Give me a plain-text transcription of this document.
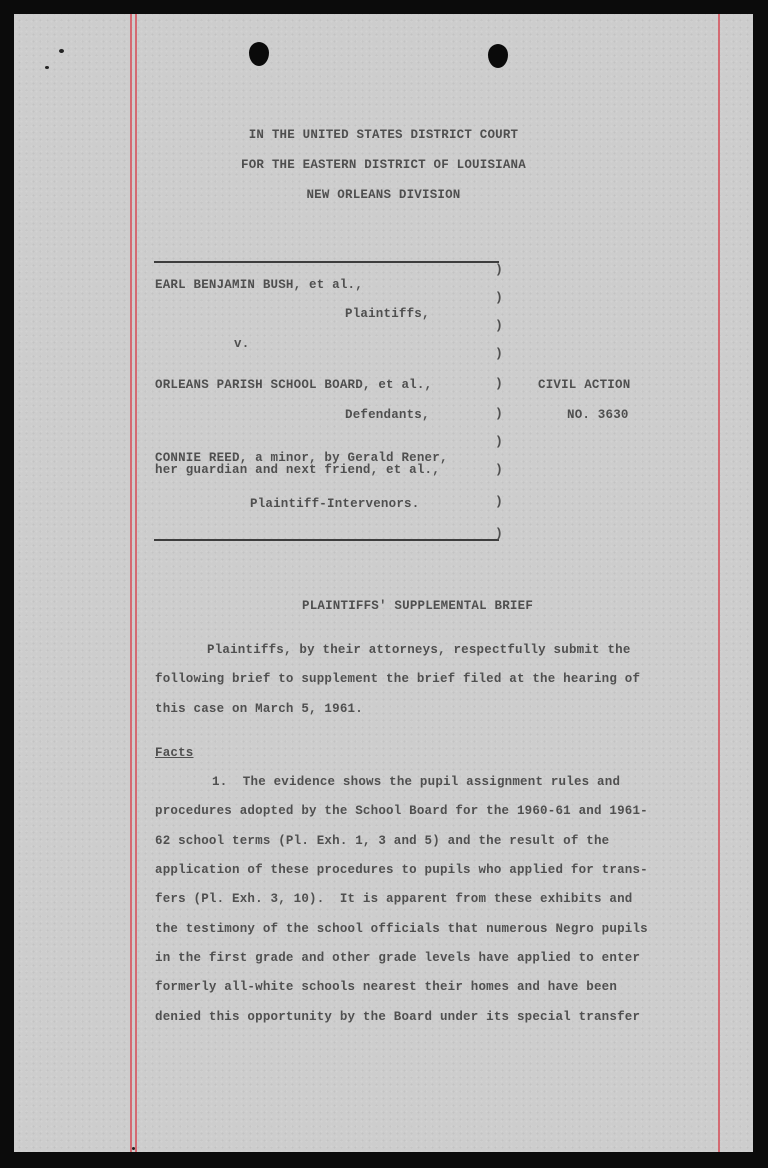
IN THE UNITED STATES DISTRICT COURT
FOR THE EASTERN DISTRICT OF LOUISIANA
NEW ORLEANS DIVISION
EARL BENJAMIN BUSH, et al.,
Plaintiffs,
v.
ORLEANS PARISH SCHOOL BOARD, et al.,
Defendants,
CONNIE REED, a minor, by Gerald Rener,
her guardian and next friend, et al.,
Plaintiff-Intervenors.
)
)
)
)
)
)
)
)
)
)
CIVIL ACTION
NO. 3630
PLAINTIFFS' SUPPLEMENTAL BRIEF
Plaintiffs, by their attorneys, respectfully submit the
following brief to supplement the brief filed at the hearing of
this case on March 5, 1961.
Facts
1.  The evidence shows the pupil assignment rules and
procedures adopted by the School Board for the 1960-61 and 1961-
62 school terms (Pl. Exh. 1, 3 and 5) and the result of the
application of these procedures to pupils who applied for trans-
fers (Pl. Exh. 3, 10).  It is apparent from these exhibits and
the testimony of the school officials that numerous Negro pupils
in the first grade and other grade levels have applied to enter
formerly all-white schools nearest their homes and have been
denied this opportunity by the Board under its special transfer
